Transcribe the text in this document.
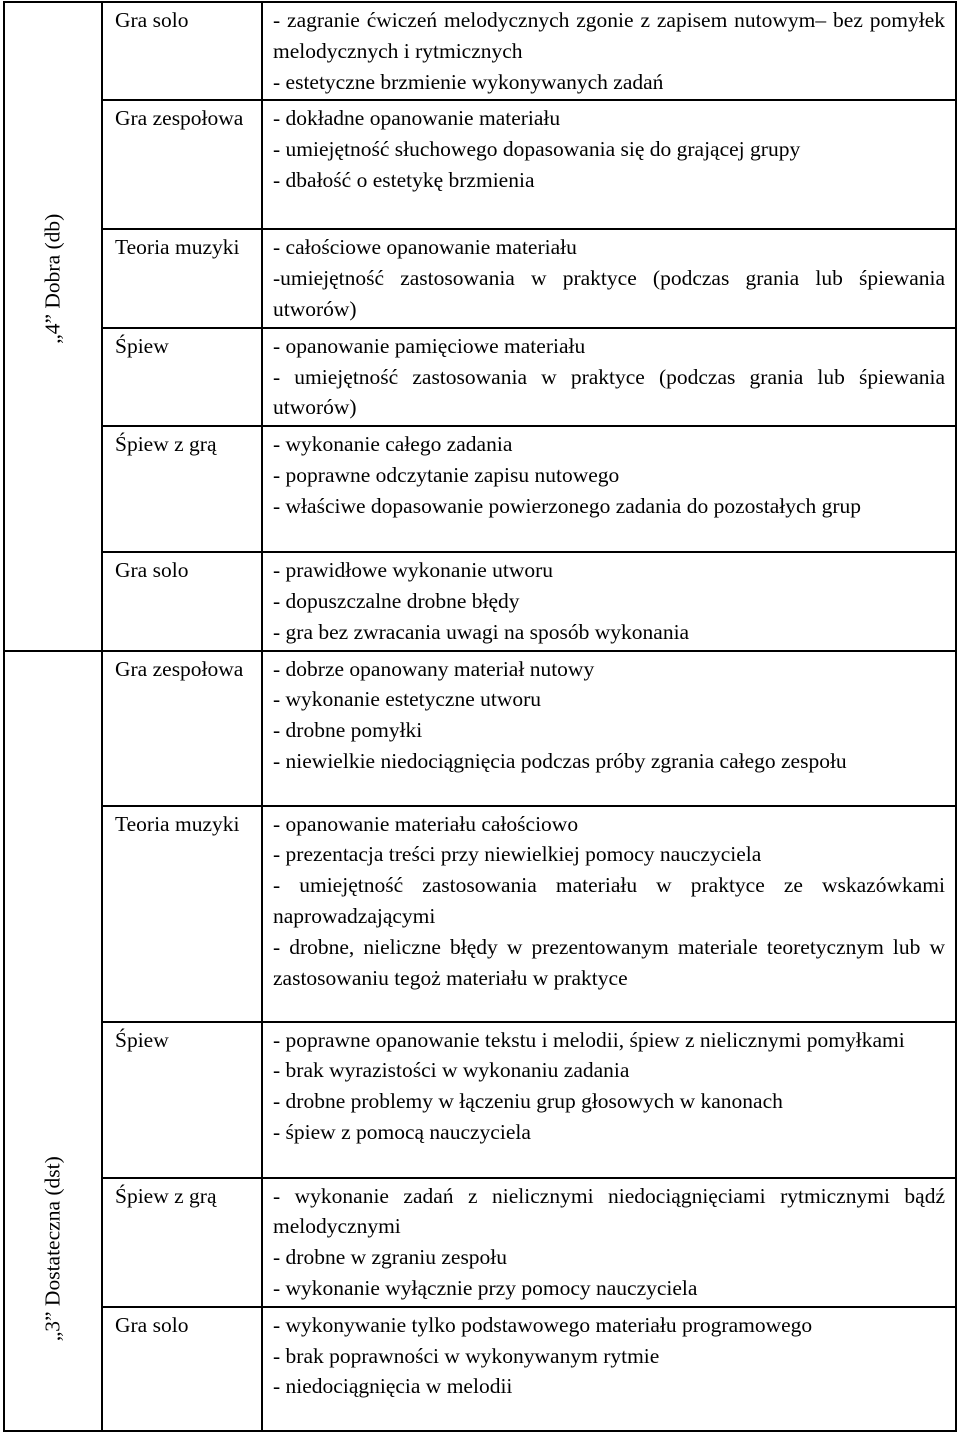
„4” Dobra (db)	Gra solo	- zagranie ćwiczeń melodycznych zgonie z zapisem nutowym– bez pomyłek melodycznych i rytmicznych
- estetyczne brzmienie wykonywanych zadań

	Gra zespołowa	- dokładne opanowanie materiału
- umiejętność słuchowego dopasowania się do grającej grupy
- dbałość o estetykę brzmienia

	Teoria muzyki	- całościowe opanowanie materiału
-umiejętność zastosowania w praktyce (podczas grania lub śpiewania utworów)

	Śpiew	- opanowanie pamięciowe materiału
- umiejętność zastosowania w praktyce (podczas grania lub śpiewania utworów)

	Śpiew z grą	- wykonanie całego zadania
- poprawne odczytanie zapisu nutowego
- właściwe dopasowanie powierzonego zadania do pozostałych grup

	Gra solo	- prawidłowe wykonanie utworu
- dopuszczalne drobne błędy
- gra bez zwracania uwagi na sposób wykonania

„3” Dostateczna (dst)	Gra zespołowa	- dobrze opanowany materiał nutowy
- wykonanie estetyczne utworu
- drobne pomyłki
- niewielkie niedociągnięcia podczas próby zgrania całego zespołu

	Teoria muzyki	- opanowanie materiału całościowo
- prezentacja treści przy niewielkiej pomocy nauczyciela
- umiejętność zastosowania materiału w praktyce ze wskazówkami naprowadzającymi
- drobne, nieliczne błędy w prezentowanym materiale teoretycznym lub w zastosowaniu tegoż materiału w praktyce

	Śpiew	- poprawne opanowanie tekstu i melodii, śpiew z nielicznymi pomyłkami
- brak wyrazistości w wykonaniu zadania
- drobne problemy w łączeniu grup głosowych w kanonach
- śpiew z pomocą nauczyciela

	Śpiew z grą	- wykonanie zadań z nielicznymi niedociągnięciami rytmicznymi bądź melodycznymi
- drobne w zgraniu zespołu
- wykonanie wyłącznie przy pomocy nauczyciela

	Gra solo	- wykonywanie tylko podstawowego materiału programowego
- brak poprawności w wykonywanym rytmie
- niedociągnięcia w melodii
